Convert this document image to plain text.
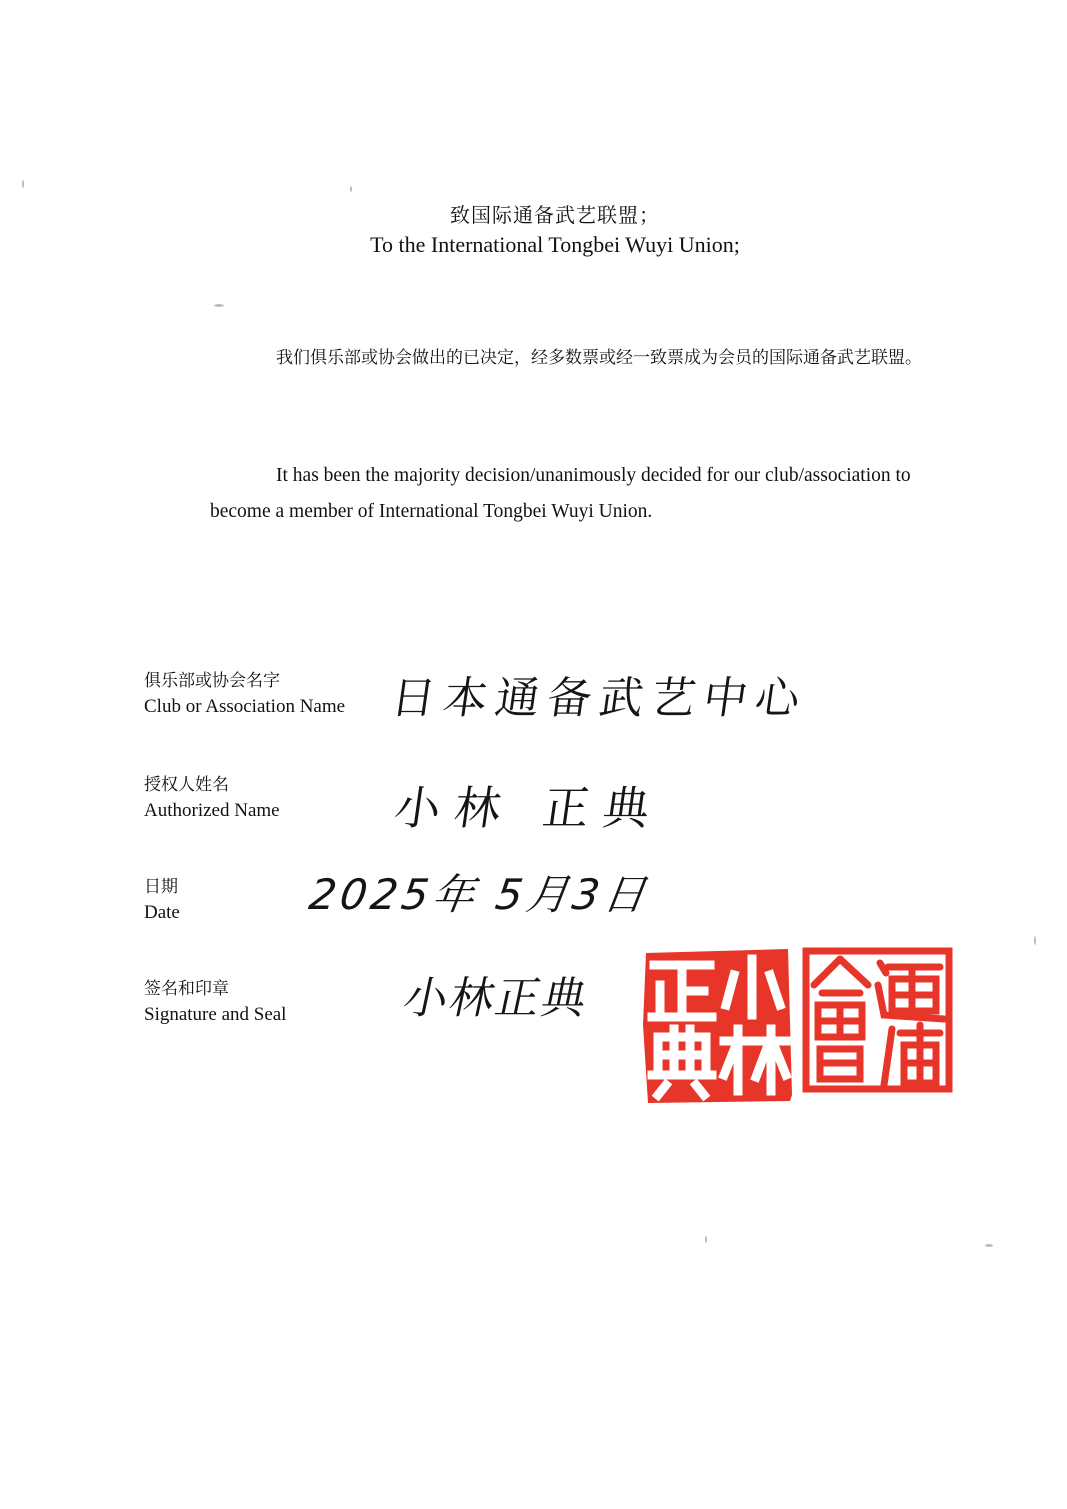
致国际通备武艺联盟；
To the International Tongbei Wuyi Union;
我们俱乐部或协会做出的已决定，经多数票或经一致票成为会员的国际通备武艺联盟。
It has been the majority decision/unanimously decided for our club/association to become a member of International Tongbei Wuyi Union.
俱乐部或协会名字
Club or Association Name 日本通备武艺中心
授权人姓名
Authorized Name	小林 正典
日期
Date	2025年 5月3日
签名和印章
Signature and Seal	小林正典
